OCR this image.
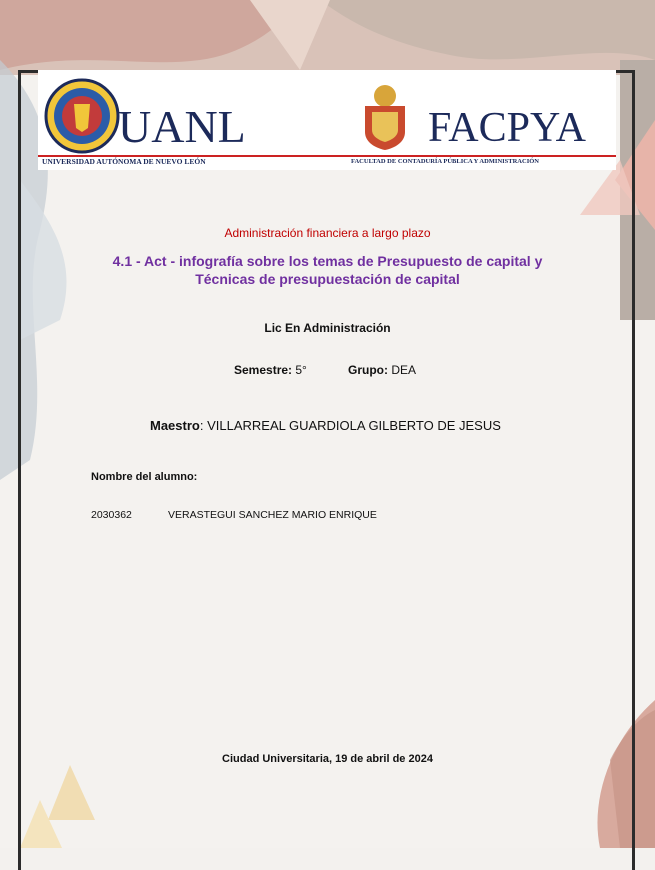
UANL
UNIVERSIDAD AUTÓNOMA DE NUEVO LEÓN
FACPYA
FACULTAD DE CONTADURÍA PÚBLICA Y ADMINISTRACIÓN
Administración financiera a largo plazo
4.1 - Act - infografía sobre los temas de Presupuesto de capital y
Técnicas de presupuestación de capital
Lic En Administración
Semestre: 5°	Grupo: DEA
Maestro: VILLARREAL GUARDIOLA GILBERTO DE JESUS
Nombre del alumno:
2030362	VERASTEGUI SANCHEZ MARIO ENRIQUE
Ciudad Universitaria, 19 de abril de 2024
